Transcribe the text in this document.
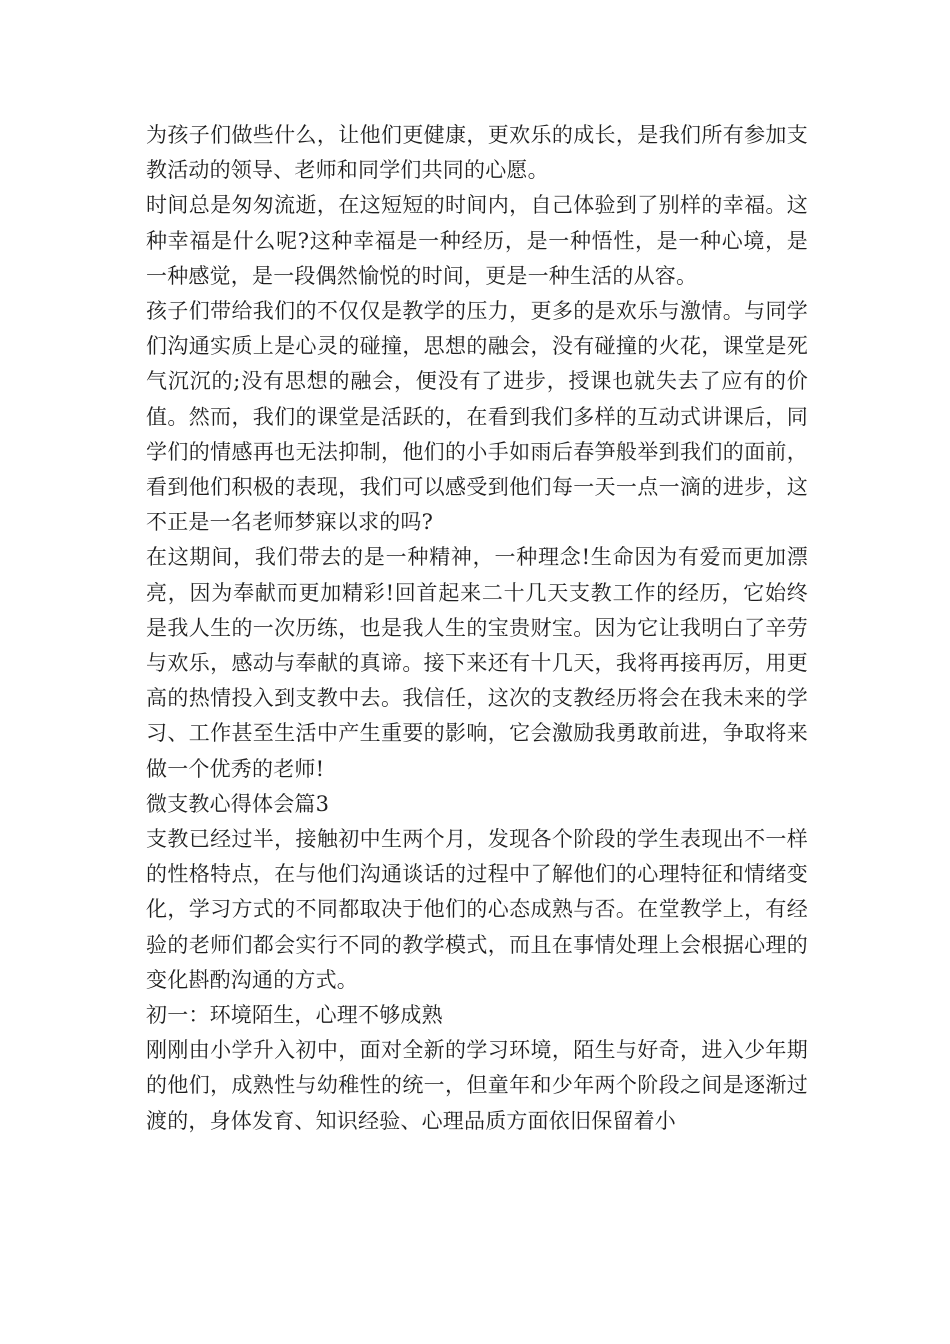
为孩子们做些什么，让他们更健康，更欢乐的成长，是我们所有参加支教活动的领导、老师和同学们共同的心愿。

时间总是匆匆流逝，在这短短的时间内，自己体验到了别样的幸福。这种幸福是什么呢?这种幸福是一种经历，是一种悟性，是一种心境，是一种感觉，是一段偶然愉悦的时间，更是一种生活的从容。

孩子们带给我们的不仅仅是教学的压力，更多的是欢乐与激情。与同学们沟通实质上是心灵的碰撞，思想的融会，没有碰撞的火花，课堂是死气沉沉的;没有思想的融会，便没有了进步，授课也就失去了应有的价值。然而，我们的课堂是活跃的，在看到我们多样的互动式讲课后，同学们的情感再也无法抑制，他们的小手如雨后春笋般举到我们的面前，看到他们积极的表现，我们可以感受到他们每一天一点一滴的进步，这不正是一名老师梦寐以求的吗?

在这期间，我们带去的是一种精神，一种理念!生命因为有爱而更加漂亮，因为奉献而更加精彩!回首起来二十几天支教工作的经历，它始终是我人生的一次历练，也是我人生的宝贵财宝。因为它让我明白了辛劳与欢乐，感动与奉献的真谛。接下来还有十几天，我将再接再厉，用更高的热情投入到支教中去。我信任，这次的支教经历将会在我未来的学习、工作甚至生活中产生重要的影响，它会激励我勇敢前进，争取将来做一个优秀的老师!

微支教心得体会篇3

支教已经过半，接触初中生两个月，发现各个阶段的学生表现出不一样的性格特点，在与他们沟通谈话的过程中了解他们的心理特征和情绪变化，学习方式的不同都取决于他们的心态成熟与否。在堂教学上，有经验的老师们都会实行不同的教学模式，而且在事情处理上会根据心理的变化斟酌沟通的方式。

初一：环境陌生，心理不够成熟

刚刚由小学升入初中，面对全新的学习环境，陌生与好奇，进入少年期的他们，成熟性与幼稚性的统一，但童年和少年两个阶段之间是逐渐过渡的，身体发育、知识经验、心理品质方面依旧保留着小
